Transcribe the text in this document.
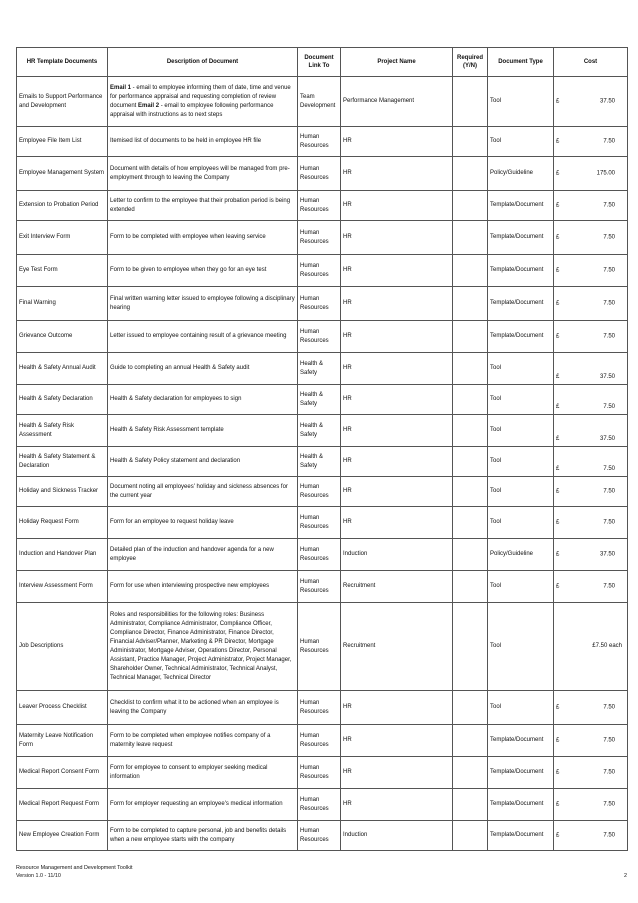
HR Template Documents	Description of Document	Document Link To	Project Name	Required (Y/N)	Document Type	Cost
Emails to Support Performance and Development	Email 1 - email to employee informing them of date, time and venue for performance appraisal and requesting completion of review document Email 2 - email to employee following performance appraisal with instructions as to next steps	Team Development	Performance Management		Tool	£ 37.50

Employee File Item List	Itemised list of documents to be held in employee HR file	Human Resources	HR		Tool	£ 7.50

Employee Management System	Document with details of how employees will be managed from pre-employment through to leaving the Company	Human Resources	HR		Policy/Guideline	£ 175.00

Extension to Probation Period	Letter to confirm to the employee that their probation period is being extended	Human Resources	HR		Template/Document	£ 7.50

Exit Interview Form	Form to be completed with employee when leaving service	Human Resources	HR		Template/Document	£ 7.50

Eye Test Form	Form to be given to employee when they go for an eye test	Human Resources	HR		Template/Document	£ 7.50

Final Warning	Final written warning letter issued to employee following a disciplinary hearing	Human Resources	HR		Template/Document	£ 7.50

Grievance Outcome	Letter issued to employee containing result of a grievance meeting	Human Resources	HR		Template/Document	£ 7.50

Health & Safety Annual Audit	Guide to completing an annual Health & Safety audit	Health & Safety	HR		Tool	£ 37.50

Health & Safety Declaration	Health & Safety declaration for employees to sign	Health & Safety	HR		Tool	£ 7.50

Health & Safety Risk Assessment	Health & Safety Risk Assessment template	Health & Safety	HR		Tool	£ 37.50

Health & Safety Statement & Declaration	Health & Safety Policy statement and declaration	Health & Safety	HR		Tool	£ 7.50

Holiday and Sickness Tracker	Document noting all employees' holiday and sickness absences for the current year	Human Resources	HR		Tool	£ 7.50

Holiday Request Form	Form for an employee to request holiday leave	Human Resources	HR		Tool	£ 7.50

Induction and Handover Plan	Detailed plan of the induction and handover agenda for a new employee	Human Resources	Induction		Policy/Guideline	£ 37.50

Interview Assessment Form	Form for use when interviewing prospective new employees	Human Resources	Recruitment		Tool	£ 7.50

Job Descriptions	Roles and responsibilities for the following roles: Business Administrator, Compliance Administrator, Compliance Officer, Compliance Director, Finance Administrator, Finance Director, Financial Adviser/Planner, Marketing & PR Director, Mortgage Administrator, Mortgage Adviser, Operations Director, Personal Assistant, Practice Manager, Project Administrator, Project Manager, Shareholder Owner, Technical Administrator, Technical Analyst, Technical Manager, Technical Director	Human Resources	Recruitment		Tool	£7.50 each

Leaver Process Checklist	Checklist to confirm what it to be actioned when an employee is leaving the Company	Human Resources	HR		Tool	£ 7.50

Maternity Leave Notification Form	Form to be completed when employee notifies company of a maternity leave request	Human Resources	HR		Template/Document	£ 7.50

Medical Report Consent Form	Form for employee to consent to employer seeking medical information	Human Resources	HR		Template/Document	£ 7.50

Medical Report Request Form	Form for employer requesting an employee's medical information	Human Resources	HR		Template/Document	£ 7.50

New Employee Creation Form	Form to be completed to capture personal, job and benefits details when a new employee starts with the company	Human Resources	Induction		Template/Document	£ 7.50
Resource Management and Development Toolkit
Version 1.0 - 11/10	2
